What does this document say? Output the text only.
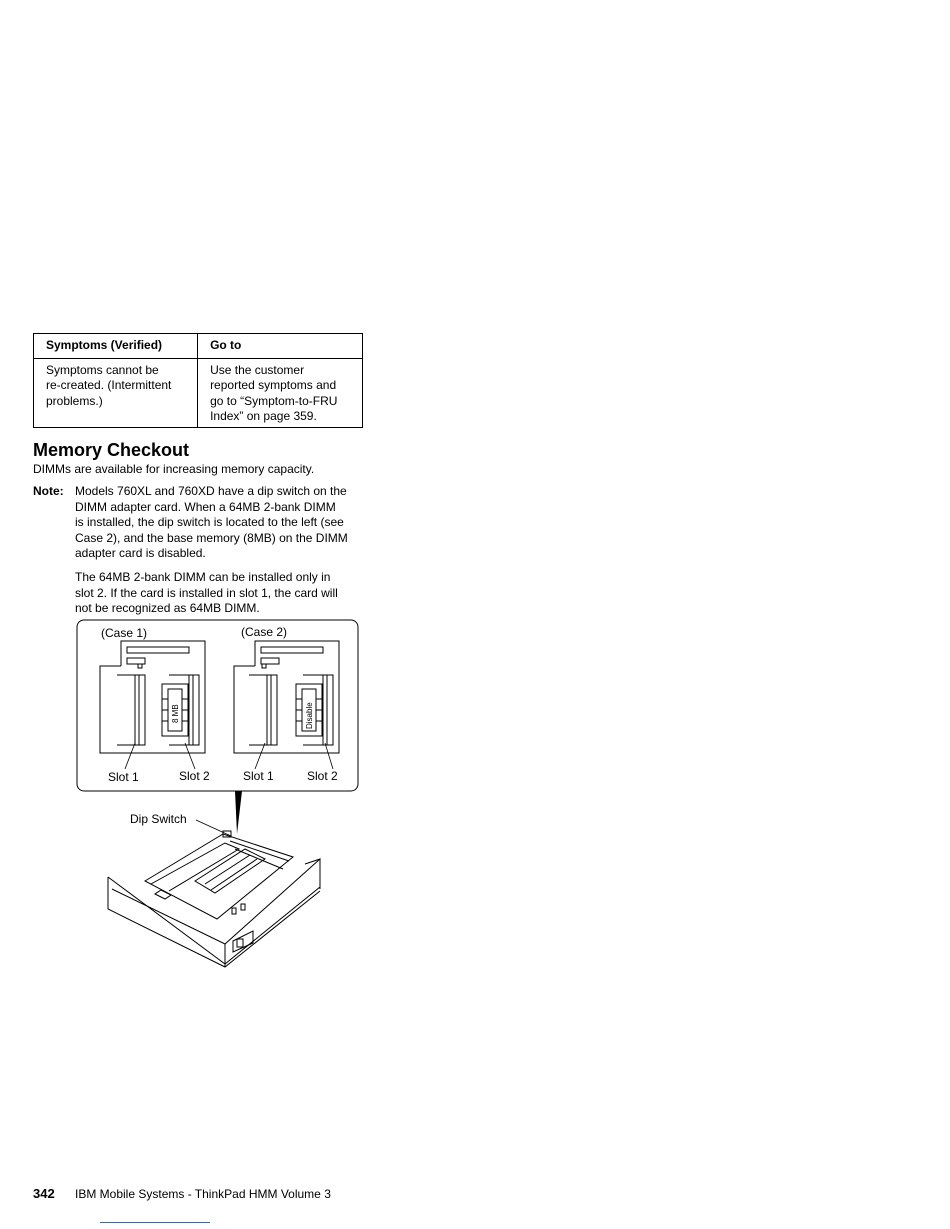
Symptoms (Verified)	Go to
Symptoms cannot be
re-created. (Intermittent
problems.)	Use the customer
reported symptoms and
go to “Symptom-to-FRU
Index” on page 359.
Memory Checkout
DIMMs are available for increasing memory capacity.
Note: Models 760XL and 760XD have a dip switch on the
DIMM adapter card. When a 64MB 2-bank DIMM
is installed, the dip switch is located to the left (see
Case 2), and the base memory (8MB) on the DIMM
adapter card is disabled.
The 64MB 2-bank DIMM can be installed only in
slot 2. If the card is installed in slot 1, the card will
not be recognized as 64MB DIMM.
(Case 1)	(Case 2)
8 MB	Disable
Slot 1	Slot 2	Slot 1	Slot 2
Dip Switch
342 IBM Mobile Systems - ThinkPad HMM Volume 3
